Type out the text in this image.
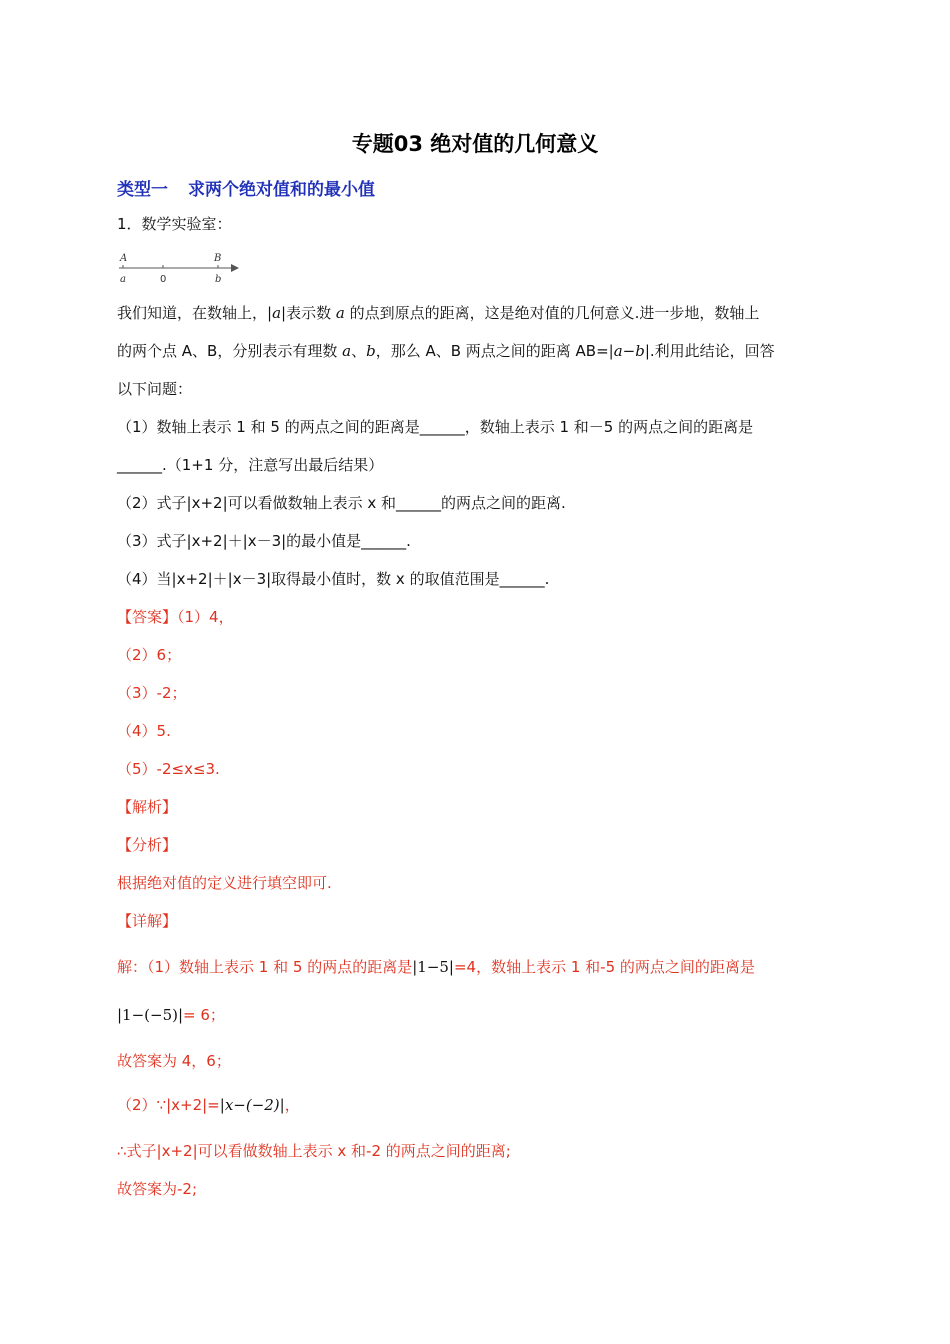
专题03 绝对值的几何意义
类型一 求两个绝对值和的最小值
1．数学实验室：
A	B
a	0	b
我们知道，在数轴上，|a|表示数 a 的点到原点的距离，这是绝对值的几何意义.进一步地，数轴上
的两个点 A、B，分别表示有理数 a、b，那么 A、B 两点之间的距离 AB=|a−b|.利用此结论，回答
以下问题：
（1）数轴上表示 1 和 5 的两点之间的距离是______，数轴上表示 1 和－5 的两点之间的距离是
______.（1+1 分，注意写出最后结果）
（2）式子|x+2|可以看做数轴上表示 x 和______的两点之间的距离.
（3）式子|x+2|＋|x－3|的最小值是______.
（4）当|x+2|＋|x－3|取得最小值时，数 x 的取值范围是______.
【答案】（1）4，
（2）6；
（3）-2；
（4）5.
（5）-2≤x≤3.
【解析】
【分析】
根据绝对值的定义进行填空即可.
【详解】
解：（1）数轴上表示 1 和 5 的两点的距离是|1−5|=4，数轴上表示 1 和-5 的两点之间的距离是
|1−(−5)|= 6；
故答案为 4，6；
（2）∵|x+2|=|x−(−2)|，
∴式子|x+2|可以看做数轴上表示 x 和-2 的两点之间的距离;
故答案为-2;
